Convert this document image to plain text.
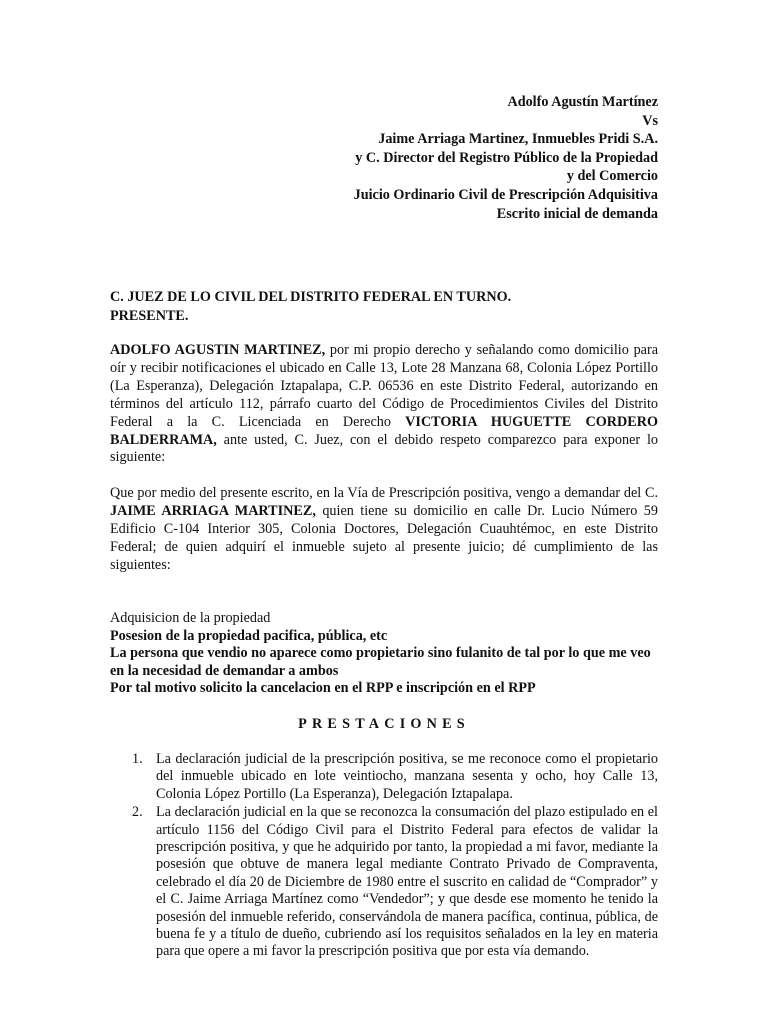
Adolfo Agustín Martínez
Vs
Jaime Arriaga Martinez, Inmuebles Pridi S.A.
y C. Director del Registro Público de la Propiedad
y del Comercio
Juicio Ordinario Civil de Prescripción Adquisitiva
Escrito inicial de demanda
C. JUEZ DE LO CIVIL DEL DISTRITO FEDERAL EN TURNO.
PRESENTE.
ADOLFO AGUSTIN MARTINEZ, por mi propio derecho y señalando como domicilio para oír y recibir notificaciones el ubicado en Calle 13, Lote 28 Manzana 68, Colonia López Portillo (La Esperanza), Delegación Iztapalapa, C.P. 06536 en este Distrito Federal, autorizando en términos del artículo 112, párrafo cuarto del Código de Procedimientos Civiles del Distrito Federal a la C. Licenciada en Derecho VICTORIA HUGUETTE CORDERO BALDERRAMA, ante usted, C. Juez, con el debido respeto comparezco para exponer lo siguiente:
Que por medio del presente escrito, en la Vía de Prescripción positiva, vengo a demandar del C. JAIME ARRIAGA MARTINEZ, quien tiene su domicilio en calle Dr. Lucio Número 59 Edificio C-104 Interior 305, Colonia Doctores, Delegación Cuauhtémoc, en este Distrito Federal; de quien adquirí el inmueble sujeto al presente juicio; dé cumplimiento de las siguientes:
Adquisicion de la propiedad
Posesion de la propiedad pacifica, pública, etc
La persona que vendio no aparece como propietario sino fulanito de tal por lo que me veo en la necesidad de demandar a ambos
Por tal motivo solicito la cancelacion en el RPP e inscripción en el RPP
PRESTACIONES
1. La declaración judicial de la prescripción positiva, se me reconoce como el propietario del inmueble ubicado en lote veintiocho, manzana sesenta y ocho, hoy Calle 13, Colonia López Portillo (La Esperanza), Delegación Iztapalapa.
2. La declaración judicial en la que se reconozca la consumación del plazo estipulado en el artículo 1156 del Código Civil para el Distrito Federal para efectos de validar la prescripción positiva, y que he adquirido por tanto, la propiedad a mi favor, mediante la posesión que obtuve de manera legal mediante Contrato Privado de Compraventa, celebrado el día 20 de Diciembre de 1980 entre el suscrito en calidad de “Comprador” y el C. Jaime Arriaga Martínez como “Vendedor”; y que desde ese momento he tenido la posesión del inmueble referido, conservándola de manera pacífica, continua, pública, de buena fe y a título de dueño, cubriendo así los requisitos señalados en la ley en materia para que opere a mi favor la prescripción positiva que por esta vía demando.
